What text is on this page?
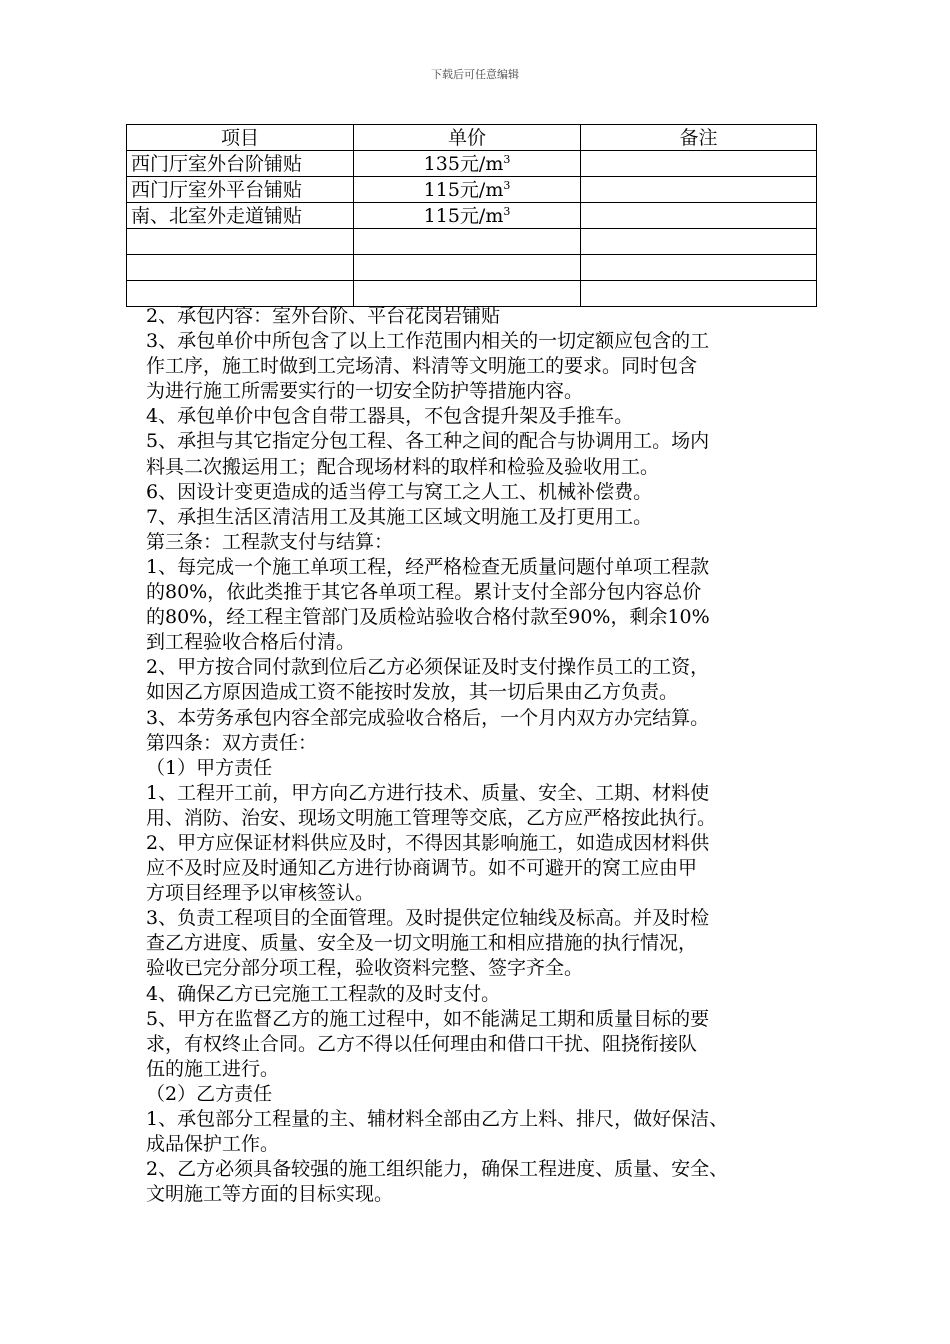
下载后可任意编辑
项目	单价	备注
西门厅室外台阶铺贴	135元$/m^3$	
西门厅室外平台铺贴	115元$/m^3$	
南、北室外走道铺贴	115元$/m^3$	

2、承包内容：室外台阶、平台花岗岩铺贴

3、承包单价中所包含了以上工作范围内相关的一切定额应包含的工

作工序，施工时做到工完场清、料清等文明施工的要求。同时包含

为进行施工所需要实行的一切安全防护等措施内容。

4、承包单价中包含自带工器具，不包含提升架及手推车。

5、承担与其它指定分包工程、各工种之间的配合与协调用工。场内

料具二次搬运用工；配合现场材料的取样和检验及验收用工。

6、因设计变更造成的适当停工与窝工之人工、机械补偿费。

7、承担生活区清洁用工及其施工区域文明施工及打更用工。

第三条：工程款支付与结算：

1、每完成一个施工单项工程，经严格检查无质量问题付单项工程款

的80%，依此类推于其它各单项工程。累计支付全部分包内容总价

的80%，经工程主管部门及质检站验收合格付款至90%，剩余10%

到工程验收合格后付清。

2、甲方按合同付款到位后乙方必须保证及时支付操作员工的工资，

如因乙方原因造成工资不能按时发放，其一切后果由乙方负责。

3、本劳务承包内容全部完成验收合格后，一个月内双方办完结算。

第四条：双方责任：

（1）甲方责任

1、工程开工前，甲方向乙方进行技术、质量、安全、工期、材料使

用、消防、治安、现场文明施工管理等交底，乙方应严格按此执行。

2、甲方应保证材料供应及时，不得因其影响施工，如造成因材料供

应不及时应及时通知乙方进行协商调节。如不可避开的窝工应由甲

方项目经理予以审核签认。

3、负责工程项目的全面管理。及时提供定位轴线及标高。并及时检

查乙方进度、质量、安全及一切文明施工和相应措施的执行情况，

验收已完分部分项工程，验收资料完整、签字齐全。

4、确保乙方已完施工工程款的及时支付。

5、甲方在监督乙方的施工过程中，如不能满足工期和质量目标的要

求，有权终止合同。乙方不得以任何理由和借口干扰、阻挠衔接队

伍的施工进行。

（2）乙方责任

1、承包部分工程量的主、辅材料全部由乙方上料、排尺，做好保洁、

成品保护工作。

2、乙方必须具备较强的施工组织能力，确保工程进度、质量、安全、

文明施工等方面的目标实现。
